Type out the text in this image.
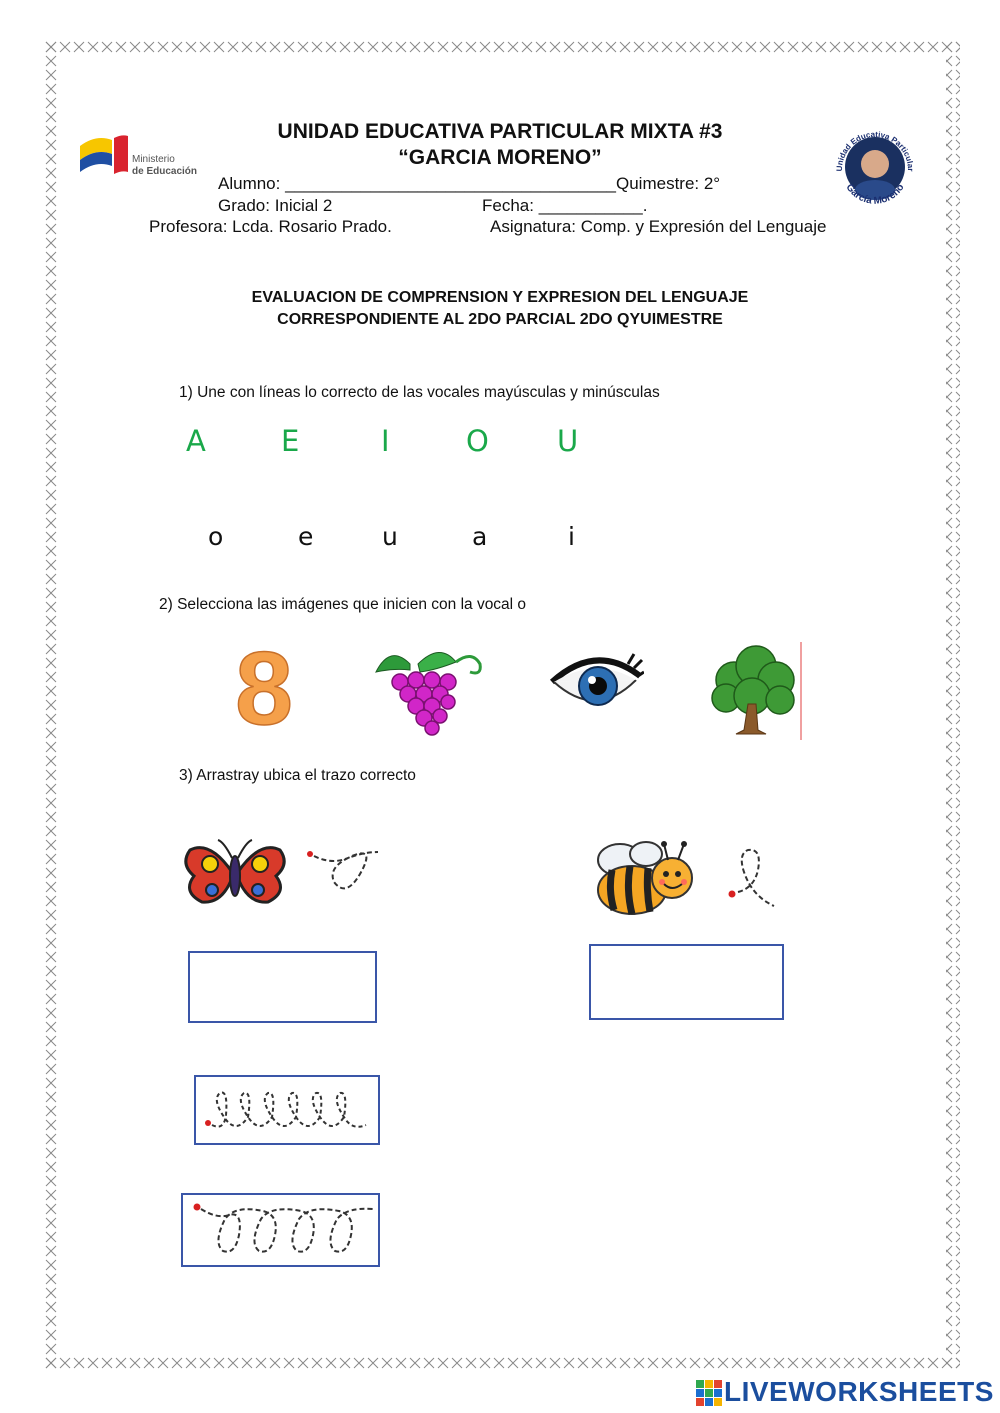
Ministerio
de Educación	Unidad Educativa Particular
García Moreno
UNIDAD EDUCATIVA PARTICULAR MIXTA #3
“GARCIA MORENO”
Alumno: ___________________________________Quimestre: 2°
Grado: Inicial 2	Fecha: ___________.
Profesora: Lcda. Rosario Prado.	Asignatura: Comp. y Expresión del Lenguaje
EVALUACION DE COMPRENSION Y EXPRESION DEL LENGUAJE
CORRESPONDIENTE AL 2DO PARCIAL 2DO QYUIMESTRE
1) Une con líneas lo correcto de las vocales mayúsculas y minúsculas
A	E	I	O U
o	e	u	a	i
2) Selecciona las imágenes que inicien con la vocal o
8
3) Arrastray ubica el trazo correcto
LIVEWORKSHEETS
